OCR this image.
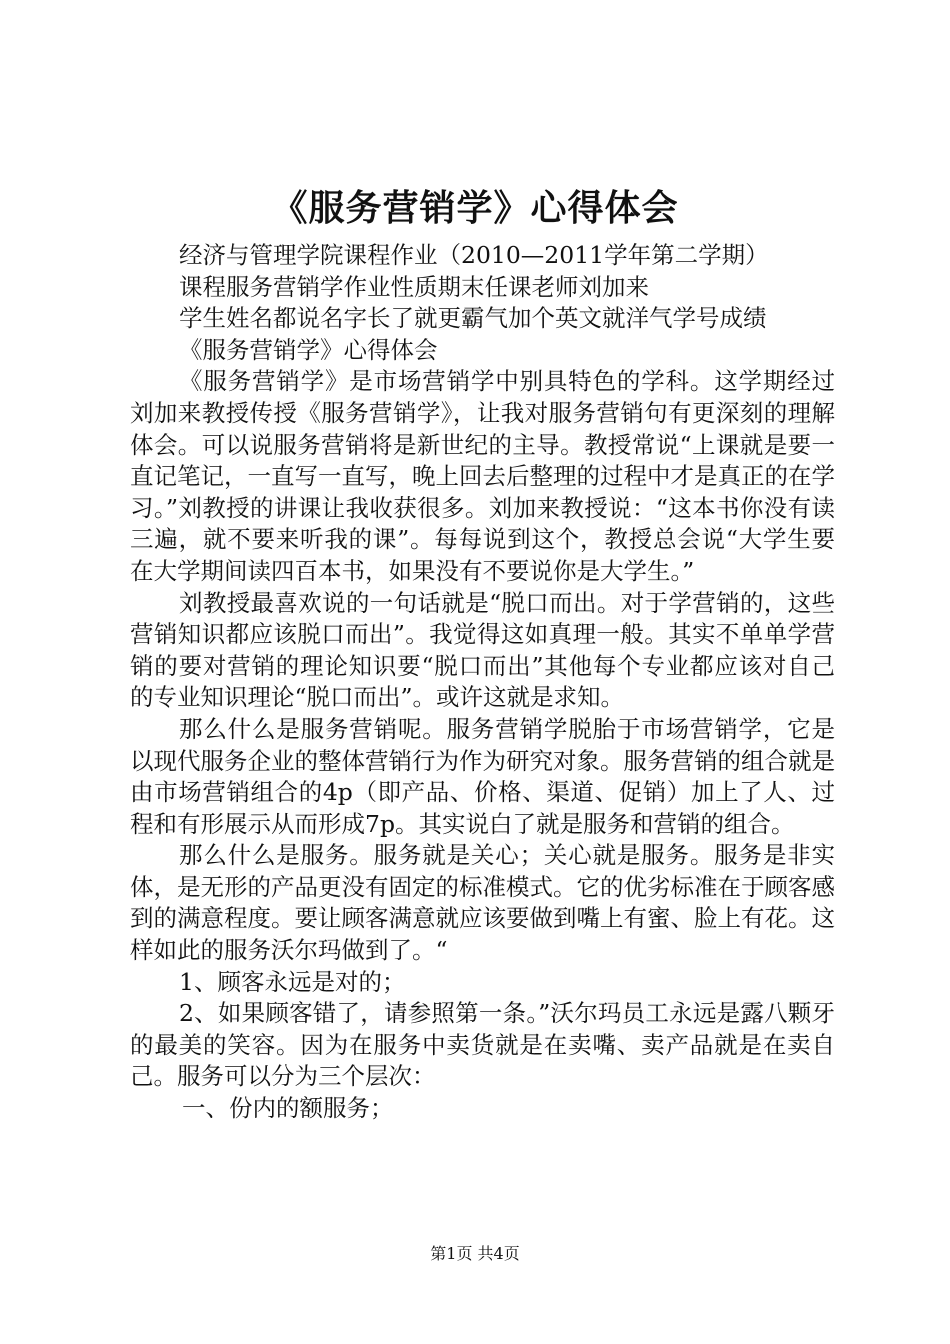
《服务营销学》心得体会

经济与管理学院课程作业（2010—2011学年第二学期）

课程服务营销学作业性质期末任课老师刘加来

学生姓名都说名字长了就更霸气加个英文就洋气学号成绩

《服务营销学》心得体会

《服务营销学》是市场营销学中别具特色的学科。这学期经过刘加来教授传授《服务营销学》，让我对服务营销句有更深刻的理解体会。可以说服务营销将是新世纪的主导。教授常说“上课就是要一直记笔记，一直写一直写，晚上回去后整理的过程中才是真正的在学习。”刘教授的讲课让我收获很多。刘加来教授说：“这本书你没有读三遍，就不要来听我的课”。每每说到这个，教授总会说“大学生要在大学期间读四百本书，如果没有不要说你是大学生。”

刘教授最喜欢说的一句话就是“脱口而出。对于学营销的，这些营销知识都应该脱口而出”。我觉得这如真理一般。其实不单单学营销的要对营销的理论知识要“脱口而出”其他每个专业都应该对自己的专业知识理论“脱口而出”。或许这就是求知。

那么什么是服务营销呢。服务营销学脱胎于市场营销学，它是以现代服务企业的整体营销行为作为研究对象。服务营销的组合就是由市场营销组合的4p（即产品、价格、渠道、促销）加上了人、过程和有形展示从而形成7p。其实说白了就是服务和营销的组合。

那么什么是服务。服务就是关心；关心就是服务。服务是非实体，是无形的产品更没有固定的标准模式。它的优劣标准在于顾客感到的满意程度。要让顾客满意就应该要做到嘴上有蜜、脸上有花。这样如此的服务沃尔玛做到了。“

1、顾客永远是对的；

2、如果顾客错了，请参照第一条。”沃尔玛员工永远是露八颗牙的最美的笑容。因为在服务中卖货就是在卖嘴、卖产品就是在卖自己。服务可以分为三个层次：

一、份内的额服务；

第1页 共4页
